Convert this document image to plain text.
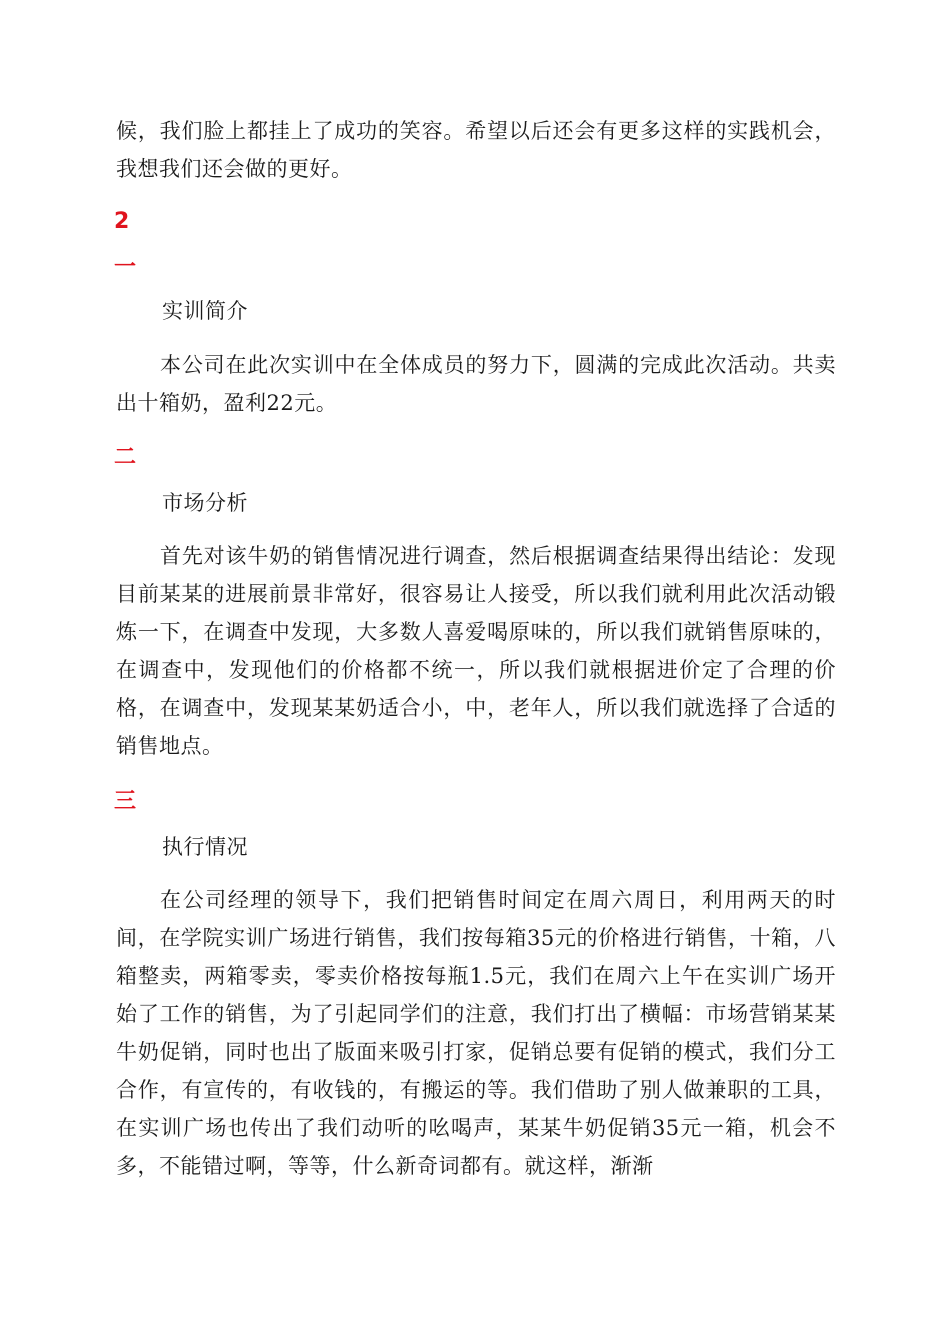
候，我们脸上都挂上了成功的笑容。希望以后还会有更多这样的实践机会，我想我们还会做的更好。

2

一

实训简介

本公司在此次实训中在全体成员的努力下，圆满的完成此次活动。共卖出十箱奶，盈利22元。

二

市场分析

首先对该牛奶的销售情况进行调查，然后根据调查结果得出结论：发现目前某某的进展前景非常好，很容易让人接受，所以我们就利用此次活动锻炼一下，在调查中发现，大多数人喜爱喝原味的，所以我们就销售原味的，在调查中，发现他们的价格都不统一，所以我们就根据进价定了合理的价格，在调查中，发现某某奶适合小，中，老年人，所以我们就选择了合适的销售地点。

三

执行情况

在公司经理的领导下，我们把销售时间定在周六周日，利用两天的时间，在学院实训广场进行销售，我们按每箱35元的价格进行销售，十箱，八箱整卖，两箱零卖，零卖价格按每瓶1.5元，我们在周六上午在实训广场开始了工作的销售，为了引起同学们的注意，我们打出了横幅：市场营销某某牛奶促销，同时也出了版面来吸引打家，促销总要有促销的模式，我们分工合作，有宣传的，有收钱的，有搬运的等。我们借助了别人做兼职的工具，在实训广场也传出了我们动听的吆喝声，某某牛奶促销35元一箱，机会不多，不能错过啊，等等，什么新奇词都有。就这样，渐渐
